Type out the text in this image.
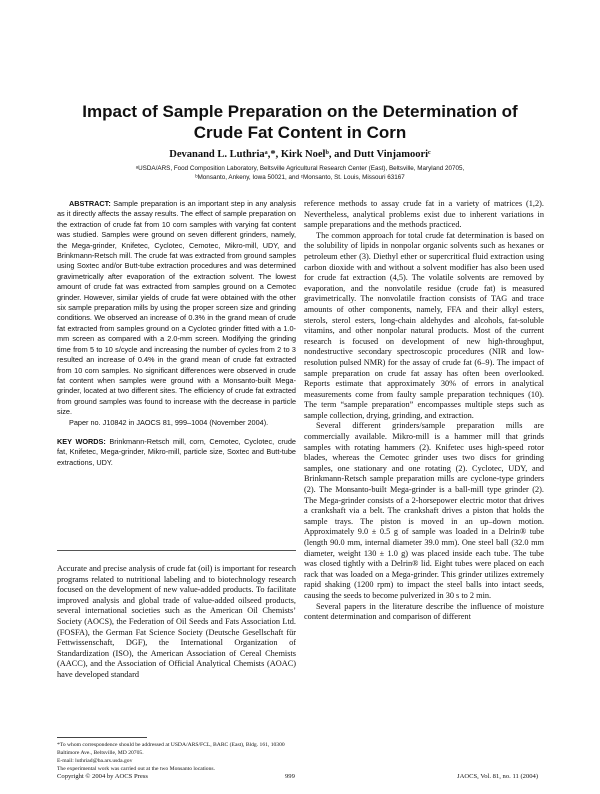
Impact of Sample Preparation on the Determination of Crude Fat Content in Corn
Devanand L. Luthriaᵃ,*, Kirk Noelᵇ, and Dutt Vinjamooriᶜ
ᵃUSDA/ARS, Food Composition Laboratory, Beltsville Agricultural Research Center (East), Beltsville, Maryland 20705,
ᵇMonsanto, Ankeny, Iowa 50021, and ᶜMonsanto, St. Louis, Missouri 63167

ABSTRACT: Sample preparation is an important step in any analysis as it directly affects the assay results. The effect of sample preparation on the extraction of crude fat from 10 corn samples with varying fat content was studied. Samples were ground on seven different grinders, namely, the Mega-grinder, Knifetec, Cyclotec, Cemotec, Mikro-mill, UDY, and Brinkmann-Retsch mill. The crude fat was extracted from ground samples using Soxtec and/or Butt-tube extraction procedures and was determined gravimetrically after evaporation of the extraction solvent. The lowest amount of crude fat was extracted from samples ground on a Cemotec grinder. However, similar yields of crude fat were obtained with the other six sample preparation mills by using the proper screen size and grinding conditions. We observed an increase of 0.3% in the grand mean of crude fat extracted from samples ground on a Cyclotec grinder fitted with a 1.0-mm screen as compared with a 2.0-mm screen. Modifying the grinding time from 5 to 10 s/cycle and increasing the number of cycles from 2 to 3 resulted an increase of 0.4% in the grand mean of crude fat extracted from 10 corn samples. No significant differences were observed in crude fat content when samples were ground with a Monsanto-built Mega-grinder, located at two different sites. The efficiency of crude fat extracted from ground samples was found to increase with the decrease in particle size.

Paper no. J10842 in JAOCS 81, 999–1004 (November 2004).

KEY WORDS: Brinkmann-Retsch mill, corn, Cemotec, Cyclotec, crude fat, Knifetec, Mega-grinder, Mikro-mill, particle size, Soxtec and Butt-tube extractions, UDY.

Accurate and precise analysis of crude fat (oil) is important for research programs related to nutritional labeling and to biotechnology research focused on the development of new value-added products. To facilitate improved analysis and global trade of value-added oilseed products, several international societies such as the American Oil Chemists’ Society (AOCS), the Federation of Oil Seeds and Fats Association Ltd. (FOSFA), the German Fat Science Society (Deutsche Gesellschaft für Fettwissenschaft, DGF), the International Organization of Standardization (ISO), the American Association of Cereal Chemists (AACC), and the Association of Official Analytical Chemists (AOAC) have developed standard

reference methods to assay crude fat in a variety of matrices (1,2). Nevertheless, analytical problems exist due to inherent variations in sample preparations and the methods practiced.

The common approach for total crude fat determination is based on the solubility of lipids in nonpolar organic solvents such as hexanes or petroleum ether (3). Diethyl ether or supercritical fluid extraction using carbon dioxide with and without a solvent modifier has also been used for crude fat extraction (4,5). The volatile solvents are removed by evaporation, and the nonvolatile residue (crude fat) is measured gravimetrically. The nonvolatile fraction consists of TAG and trace amounts of other components, namely, FFA and their alkyl esters, sterols, sterol esters, long-chain aldehydes and alcohols, fat-soluble vitamins, and other nonpolar natural products. Most of the current research is focused on development of new high-throughput, nondestructive secondary spectroscopic procedures (NIR and low-resolution pulsed NMR) for the assay of crude fat (6–9). The impact of sample preparation on crude fat assay has often been overlooked. Reports estimate that approximately 30% of errors in analytical measurements come from faulty sample preparation techniques (10). The term “sample preparation” encompasses multiple steps such as sample collection, drying, grinding, and extraction.

Several different grinders/sample preparation mills are commercially available. Mikro-mill is a hammer mill that grinds samples with rotating hammers (2). Knifetec uses high-speed rotor blades, whereas the Cemotec grinder uses two discs for grinding samples, one stationary and one rotating (2). Cyclotec, UDY, and Brinkmann-Retsch sample preparation mills are cyclone-type grinders (2). The Monsanto-built Mega-grinder is a ball-mill type grinder (2). The Mega-grinder consists of a 2-horsepower electric motor that drives a crankshaft via a belt. The crankshaft drives a piston that holds the sample trays. The piston is moved in an up–down motion. Approximately 9.0 ± 0.5 g of sample was loaded in a Delrin® tube (length 90.0 mm, internal diameter 39.0 mm). One steel ball (32.0 mm diameter, weight 130 ± 1.0 g) was placed inside each tube. The tube was closed tightly with a Delrin® lid. Eight tubes were placed on each rack that was loaded on a Mega-grinder. This grinder utilizes extremely rapid shaking (1200 rpm) to impact the steel balls into intact seeds, causing the seeds to become pulverized in 30 s to 2 min.

Several papers in the literature describe the influence of moisture content determination and comparison of different

*To whom correspondence should be addressed at USDA/ARS/FCL, BARC (East), Bldg. 161, 10300 Baltimore Ave., Beltsville, MD 20705.
E-mail: luthriad@ba.ars.usda.gov
The experimental work was carried out at the two Monsanto locations.
Copyright © 2004 by AOCS Press	999	JAOCS, Vol. 81, no. 11 (2004)
